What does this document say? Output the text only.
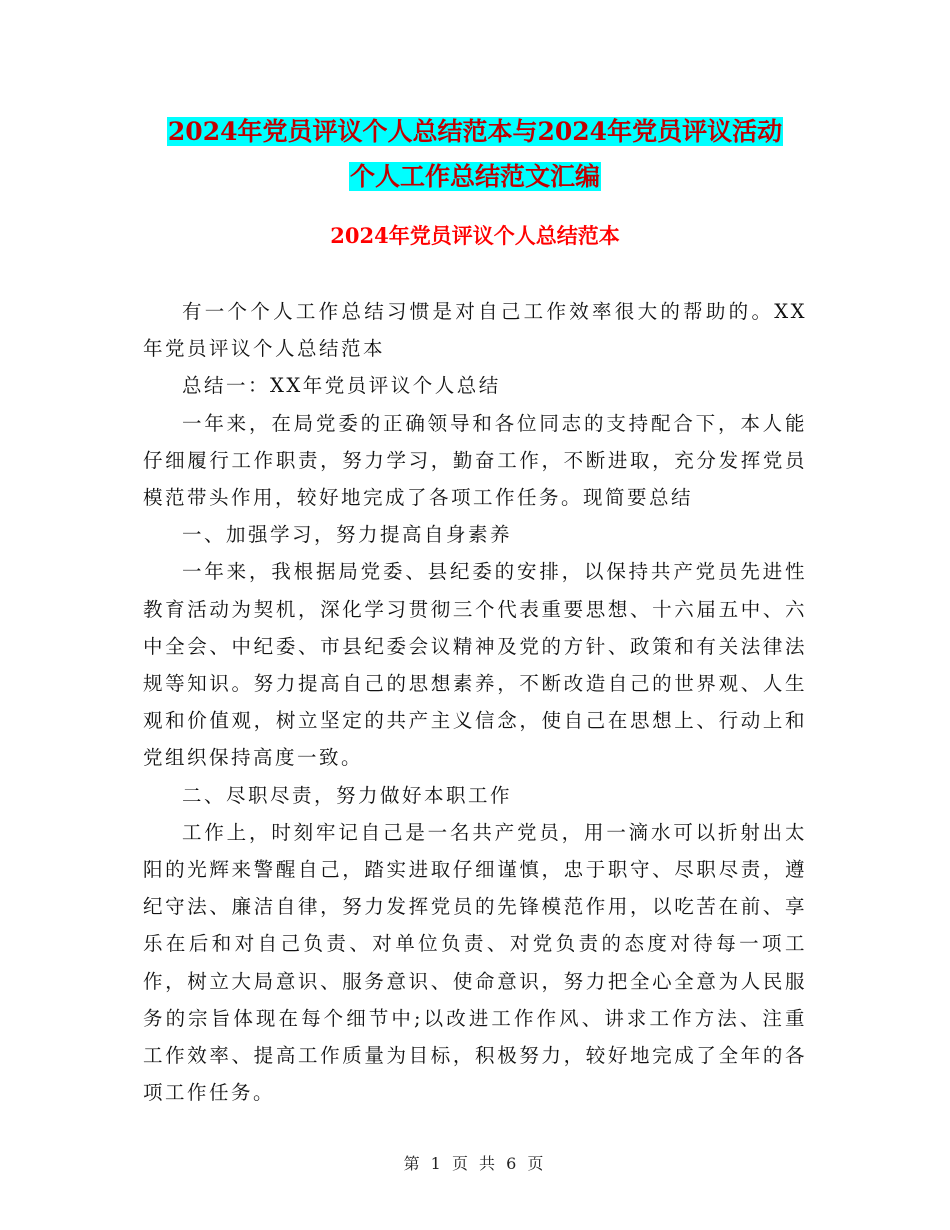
2024年党员评议个人总结范本与2024年党员评议活动
个人工作总结范文汇编
2024年党员评议个人总结范本

有一个个人工作总结习惯是对自己工作效率很大的帮助的。XX年党员评议个人总结范本

总结一：XX年党员评议个人总结

一年来，在局党委的正确领导和各位同志的支持配合下，本人能仔细履行工作职责，努力学习，勤奋工作，不断进取，充分发挥党员模范带头作用，较好地完成了各项工作任务。现简要总结

一、加强学习，努力提高自身素养

一年来，我根据局党委、县纪委的安排，以保持共产党员先进性教育活动为契机，深化学习贯彻三个代表重要思想、十六届五中、六中全会、中纪委、市县纪委会议精神及党的方针、政策和有关法律法规等知识。努力提高自己的思想素养，不断改造自己的世界观、人生观和价值观，树立坚定的共产主义信念，使自己在思想上、行动上和党组织保持高度一致。

二、尽职尽责，努力做好本职工作

工作上，时刻牢记自己是一名共产党员，用一滴水可以折射出太阳的光辉来警醒自己，踏实进取仔细谨慎，忠于职守、尽职尽责，遵纪守法、廉洁自律，努力发挥党员的先锋模范作用，以吃苦在前、享乐在后和对自己负责、对单位负责、对党负责的态度对待每一项工作，树立大局意识、服务意识、使命意识，努力把全心全意为人民服务的宗旨体现在每个细节中;以改进工作作风、讲求工作方法、注重工作效率、提高工作质量为目标，积极努力，较好地完成了全年的各项工作任务。

第 1 页 共 6 页
